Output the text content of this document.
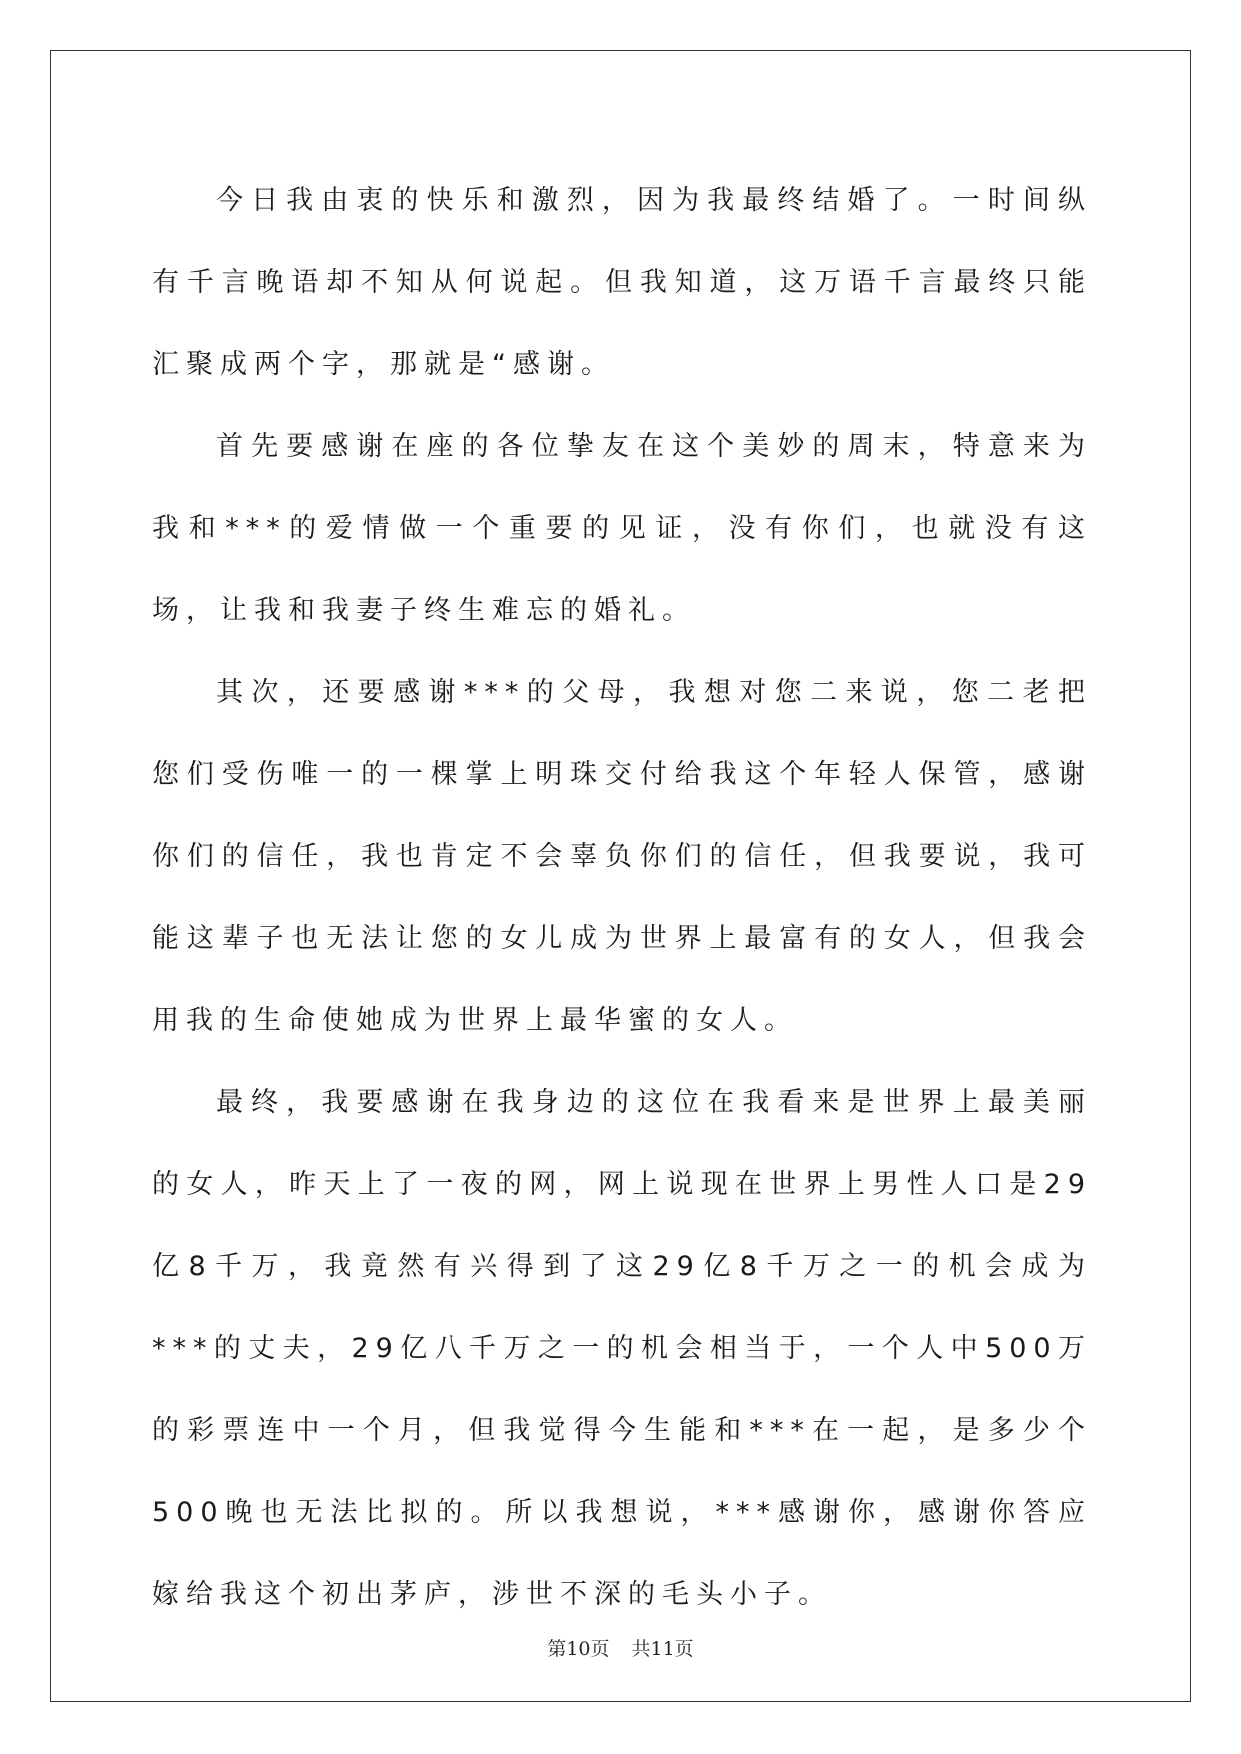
今日我由衷的快乐和激烈，因为我最终结婚了。一时间纵有千言晚语却不知从何说起。但我知道，这万语千言最终只能汇聚成两个字，那就是“感谢。

首先要感谢在座的各位挚友在这个美妙的周末，特意来为我和***的爱情做一个重要的见证，没有你们，也就没有这场，让我和我妻子终生难忘的婚礼。

其次，还要感谢***的父母，我想对您二来说，您二老把您们受伤唯一的一棵掌上明珠交付给我这个年轻人保管，感谢你们的信任，我也肯定不会辜负你们的信任，但我要说，我可能这辈子也无法让您的女儿成为世界上最富有的女人，但我会用我的生命使她成为世界上最华蜜的女人。

最终，我要感谢在我身边的这位在我看来是世界上最美丽的女人，昨天上了一夜的网，网上说现在世界上男性人口是29亿8千万，我竟然有兴得到了这29亿8千万之一的机会成为***的丈夫，29亿八千万之一的机会相当于，一个人中500万的彩票连中一个月，但我觉得今生能和***在一起，是多少个500晚也无法比拟的。所以我想说，***感谢你，感谢你答应嫁给我这个初出茅庐，涉世不深的毛头小子。

第10页 共11页
